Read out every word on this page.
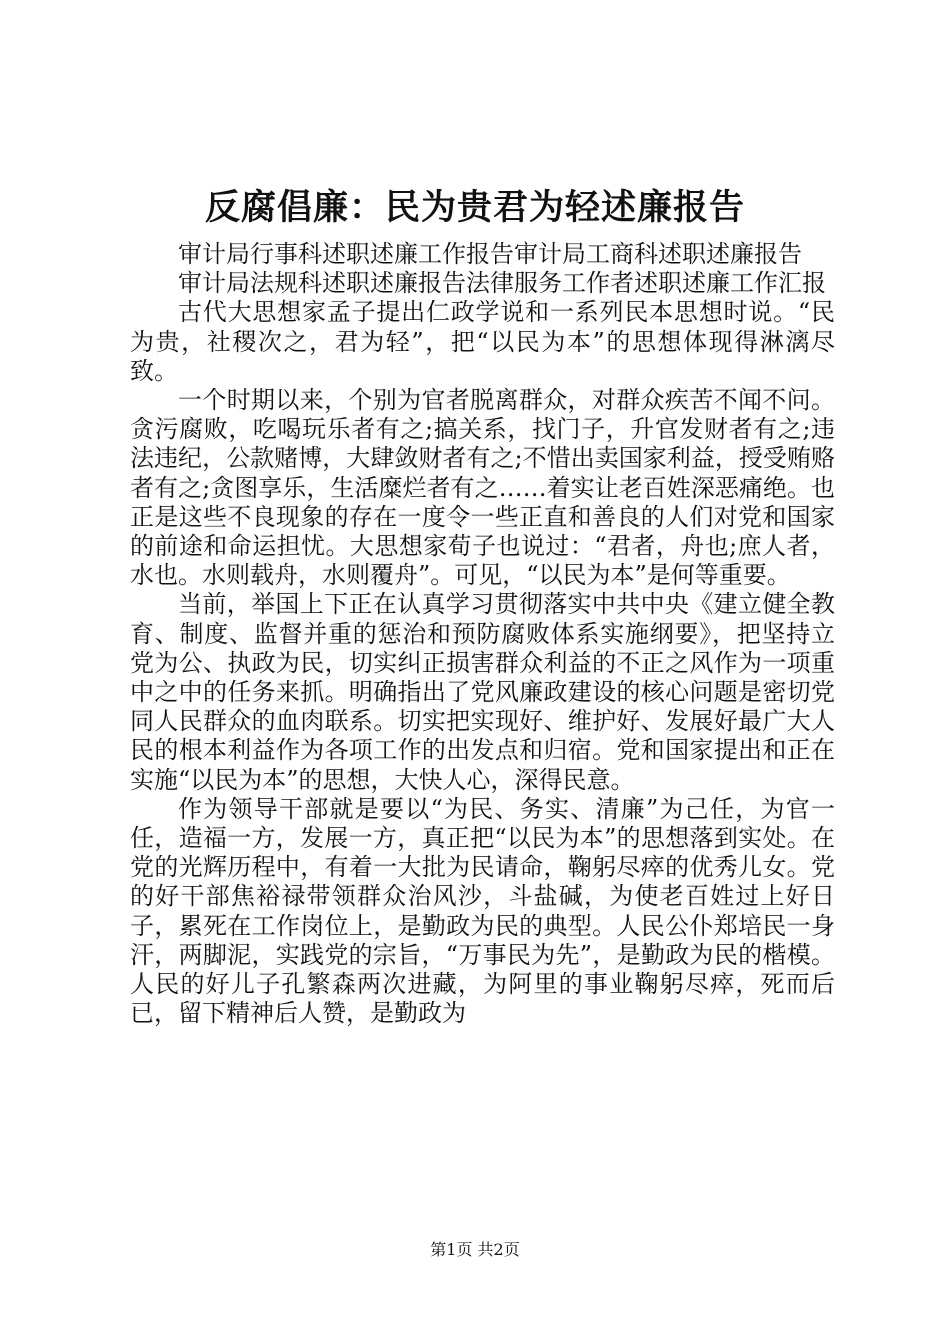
反腐倡廉：民为贵君为轻述廉报告

审计局行事科述职述廉工作报告审计局工商科述职述廉报告

审计局法规科述职述廉报告法律服务工作者述职述廉工作汇报

古代大思想家孟子提出仁政学说和一系列民本思想时说。“民为贵，社稷次之，君为轻”，把“以民为本”的思想体现得淋漓尽致。

一个时期以来，个别为官者脱离群众，对群众疾苦不闻不问。贪污腐败，吃喝玩乐者有之;搞关系，找门子，升官发财者有之;违法违纪，公款赌博，大肆敛财者有之;不惜出卖国家利益，授受贿赂者有之;贪图享乐，生活糜烂者有之……着实让老百姓深恶痛绝。也正是这些不良现象的存在一度令一些正直和善良的人们对党和国家的前途和命运担忧。大思想家荀子也说过：“君者，舟也;庶人者，水也。水则载舟，水则覆舟”。可见，“以民为本”是何等重要。

当前，举国上下正在认真学习贯彻落实中共中央《建立健全教育、制度、监督并重的惩治和预防腐败体系实施纲要》，把坚持立党为公、执政为民，切实纠正损害群众利益的不正之风作为一项重中之中的任务来抓。明确指出了党风廉政建设的核心问题是密切党同人民群众的血肉联系。切实把实现好、维护好、发展好最广大人民的根本利益作为各项工作的出发点和归宿。党和国家提出和正在实施“以民为本”的思想，大快人心，深得民意。

作为领导干部就是要以“为民、务实、清廉”为己任，为官一任，造福一方，发展一方，真正把“以民为本”的思想落到实处。在党的光辉历程中，有着一大批为民请命，鞠躬尽瘁的优秀儿女。党的好干部焦裕禄带领群众治风沙，斗盐碱，为使老百姓过上好日子，累死在工作岗位上，是勤政为民的典型。人民公仆郑培民一身汗，两脚泥，实践党的宗旨，“万事民为先”，是勤政为民的楷模。人民的好儿子孔繁森两次进藏，为阿里的事业鞠躬尽瘁，死而后已，留下精神后人赞，是勤政为

第1页 共2页
